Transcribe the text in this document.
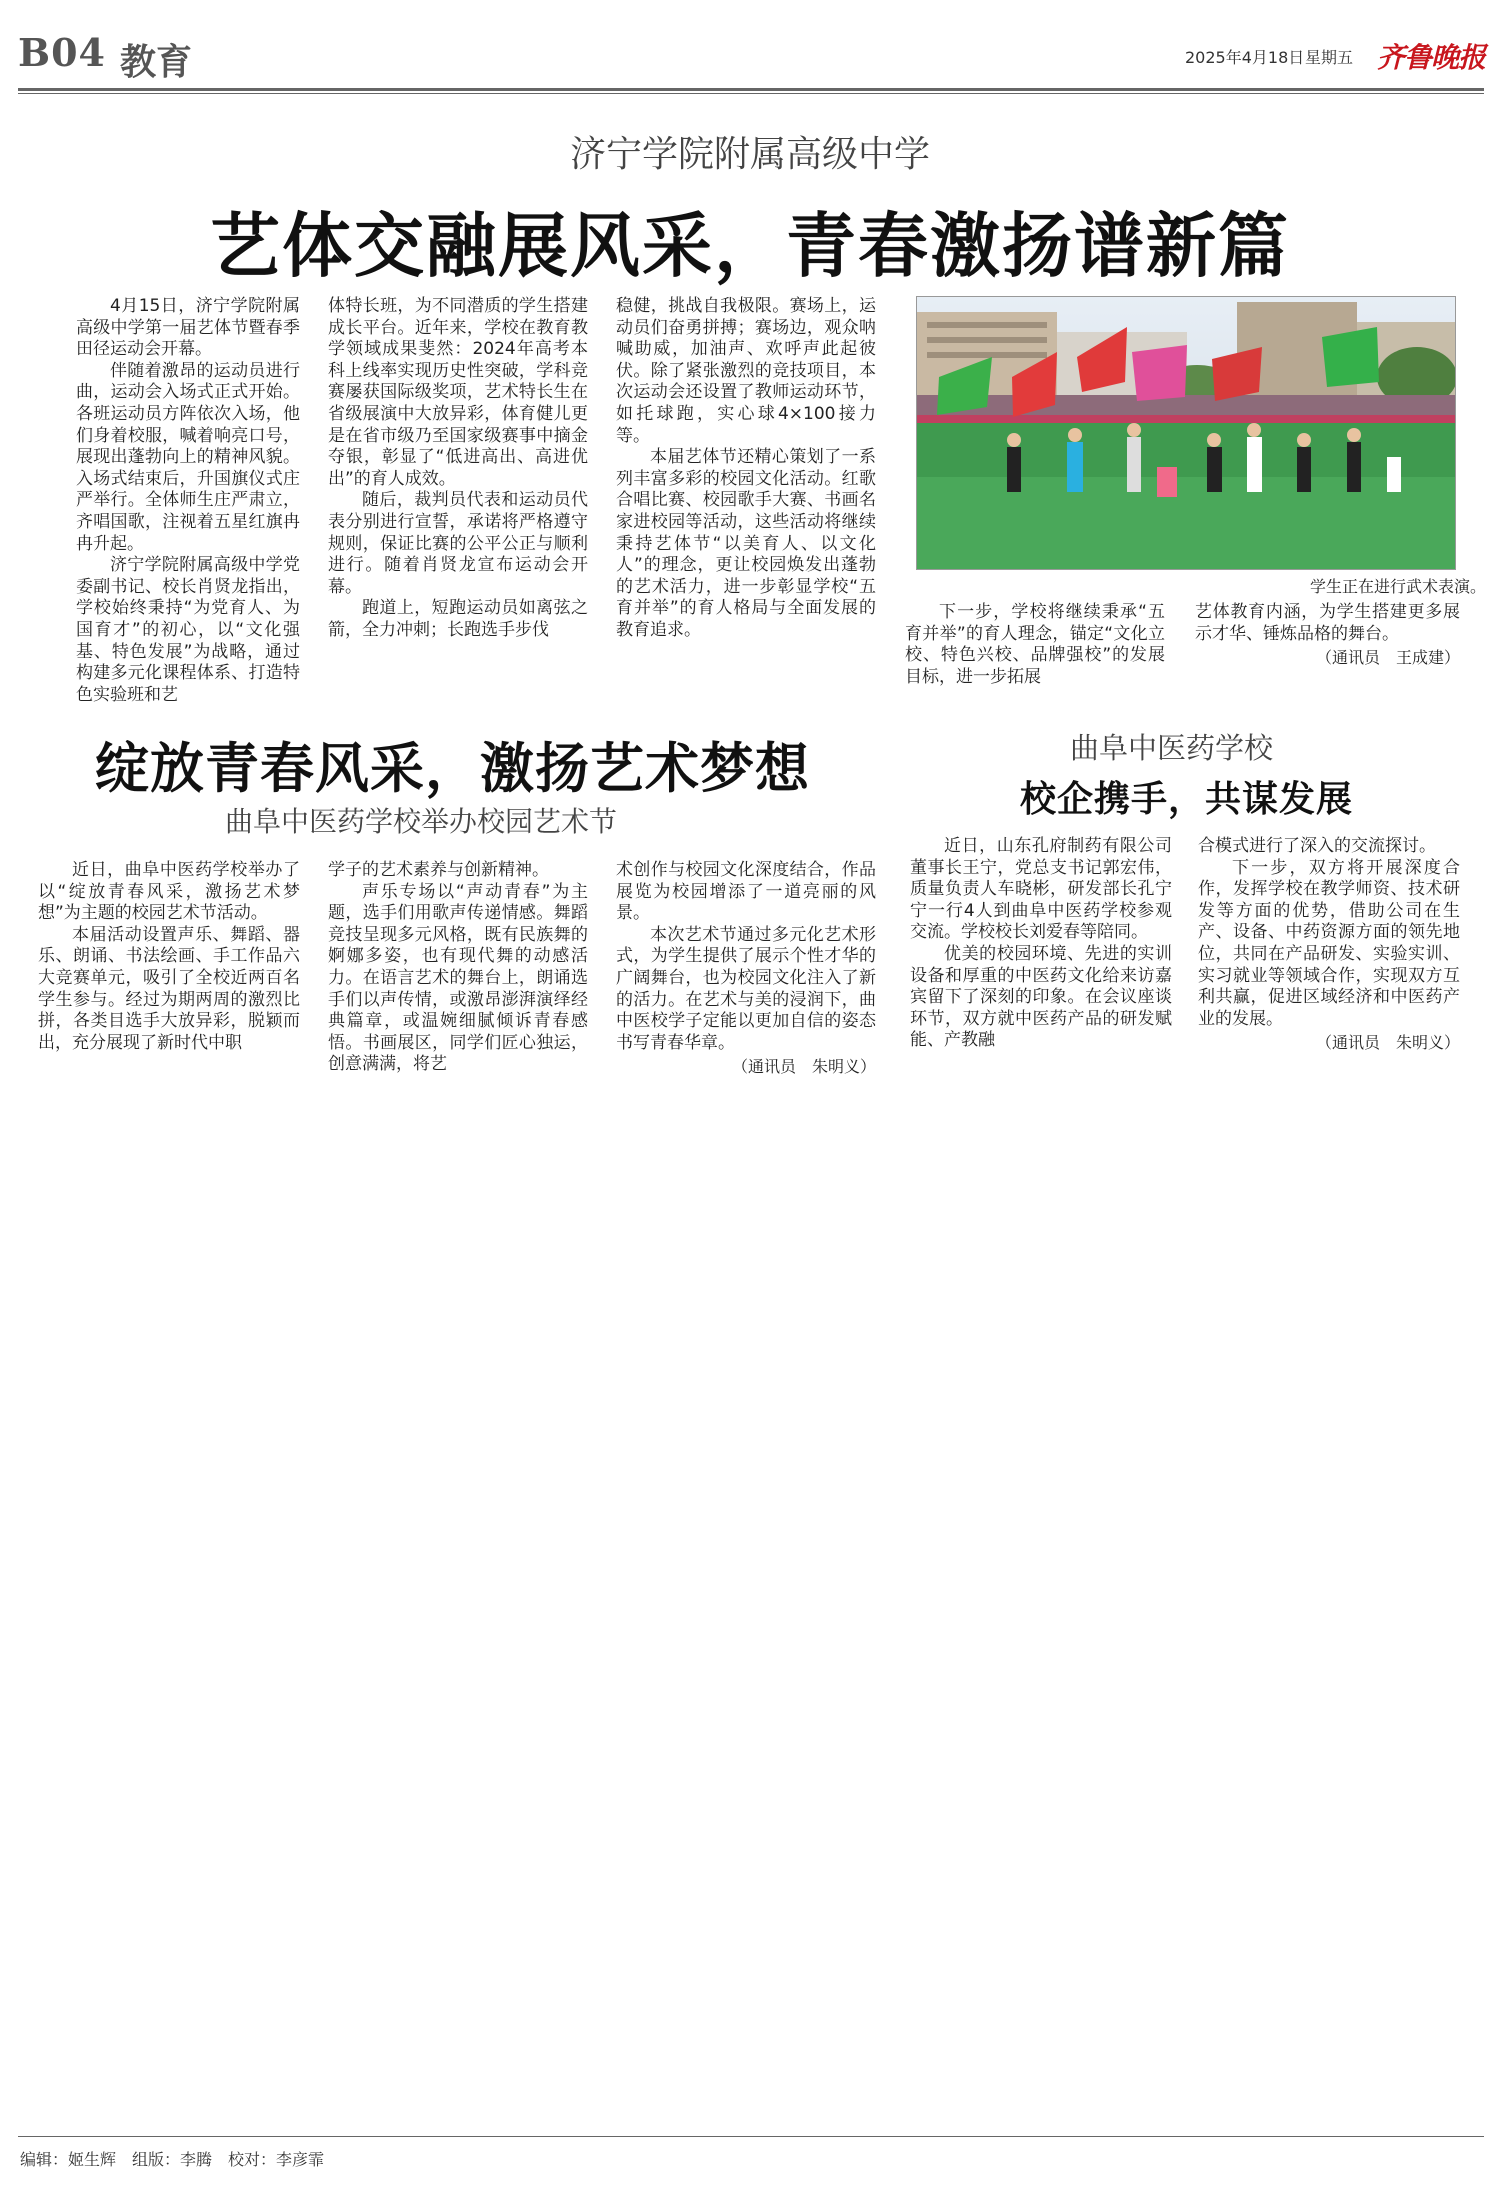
B04 教育	2025年4月18日 星期五 齐鲁晚报
济宁学院附属高级中学
艺体交融展风采，青春激扬谱新篇

4月15日，济宁学院附属高级中学第一届艺体节暨春季田径运动会开幕。

伴随着激昂的运动员进行曲，运动会入场式正式开始。各班运动员方阵依次入场，他们身着校服，喊着响亮口号，展现出蓬勃向上的精神风貌。入场式结束后，升国旗仪式庄严举行。全体师生庄严肃立，齐唱国歌，注视着五星红旗冉冉升起。

济宁学院附属高级中学党委副书记、校长肖贤龙指出，学校始终秉持“为党育人、为国育才”的初心，以“文化强基、特色发展”为战略，通过构建多元化课程体系、打造特色实验班和艺

体特长班，为不同潜质的学生搭建成长平台。近年来，学校在教育教学领域成果斐然：2024年高考本科上线率实现历史性突破，学科竞赛屡获国际级奖项，艺术特长生在省级展演中大放异彩，体育健儿更是在省市级乃至国家级赛事中摘金夺银，彰显了“低进高出、高进优出”的育人成效。

随后，裁判员代表和运动员代表分别进行宣誓，承诺将严格遵守规则，保证比赛的公平公正与顺利进行。随着肖贤龙宣布运动会开幕。

跑道上，短跑运动员如离弦之箭，全力冲刺；长跑选手步伐

稳健，挑战自我极限。赛场上，运动员们奋勇拼搏；赛场边，观众呐喊助威，加油声、欢呼声此起彼伏。除了紧张激烈的竞技项目，本次运动会还设置了教师运动环节，如托球跑，实心球4×100接力等。

本届艺体节还精心策划了一系列丰富多彩的校园文化活动。红歌合唱比赛、校园歌手大赛、书画名家进校园等活动，这些活动将继续秉持艺体节“以美育人、以文化人”的理念，更让校园焕发出蓬勃的艺术活力，进一步彰显学校“五育并举”的育人格局与全面发展的教育追求。

学生正在进行武术表演。

下一步，学校将继续秉承“五育并举”的育人理念，锚定“文化立校、特色兴校、品牌强校”的发展目标，进一步拓展

艺体教育内涵，为学生搭建更多展示才华、锤炼品格的舞台。

（通讯员　王成建）
绽放青春风采，激扬艺术梦想
曲阜中医药学校举办校园艺术节

近日，曲阜中医药学校举办了以“绽放青春风采，激扬艺术梦想”为主题的校园艺术节活动。

本届活动设置声乐、舞蹈、器乐、朗诵、书法绘画、手工作品六大竞赛单元，吸引了全校近两百名学生参与。经过为期两周的激烈比拼，各类目选手大放异彩，脱颖而出，充分展现了新时代中职

学子的艺术素养与创新精神。

声乐专场以“声动青春”为主题，选手们用歌声传递情感。舞蹈竞技呈现多元风格，既有民族舞的婀娜多姿，也有现代舞的动感活力。在语言艺术的舞台上，朗诵选手们以声传情，或激昂澎湃演绎经典篇章，或温婉细腻倾诉青春感悟。书画展区，同学们匠心独运，创意满满，将艺

术创作与校园文化深度结合，作品展览为校园增添了一道亮丽的风景。

本次艺术节通过多元化艺术形式，为学生提供了展示个性才华的广阔舞台，也为校园文化注入了新的活力。在艺术与美的浸润下，曲中医校学子定能以更加自信的姿态书写青春华章。

（通讯员　朱明义）
曲阜中医药学校
校企携手，共谋发展

近日，山东孔府制药有限公司董事长王宁，党总支书记郭宏伟，质量负责人车晓彬，研发部长孔宁宁一行4人到曲阜中医药学校参观交流。学校校长刘爱春等陪同。

优美的校园环境、先进的实训设备和厚重的中医药文化给来访嘉宾留下了深刻的印象。在会议座谈环节，双方就中医药产品的研发赋能、产教融

合模式进行了深入的交流探讨。

下一步，双方将开展深度合作，发挥学校在教学师资、技术研发等方面的优势，借助公司在生产、设备、中药资源方面的领先地位，共同在产品研发、实验实训、实习就业等领域合作，实现双方互利共赢，促进区域经济和中医药产业的发展。

（通讯员　朱明义）
编辑：姬生辉　组版：李腾　校对：李彦霏
